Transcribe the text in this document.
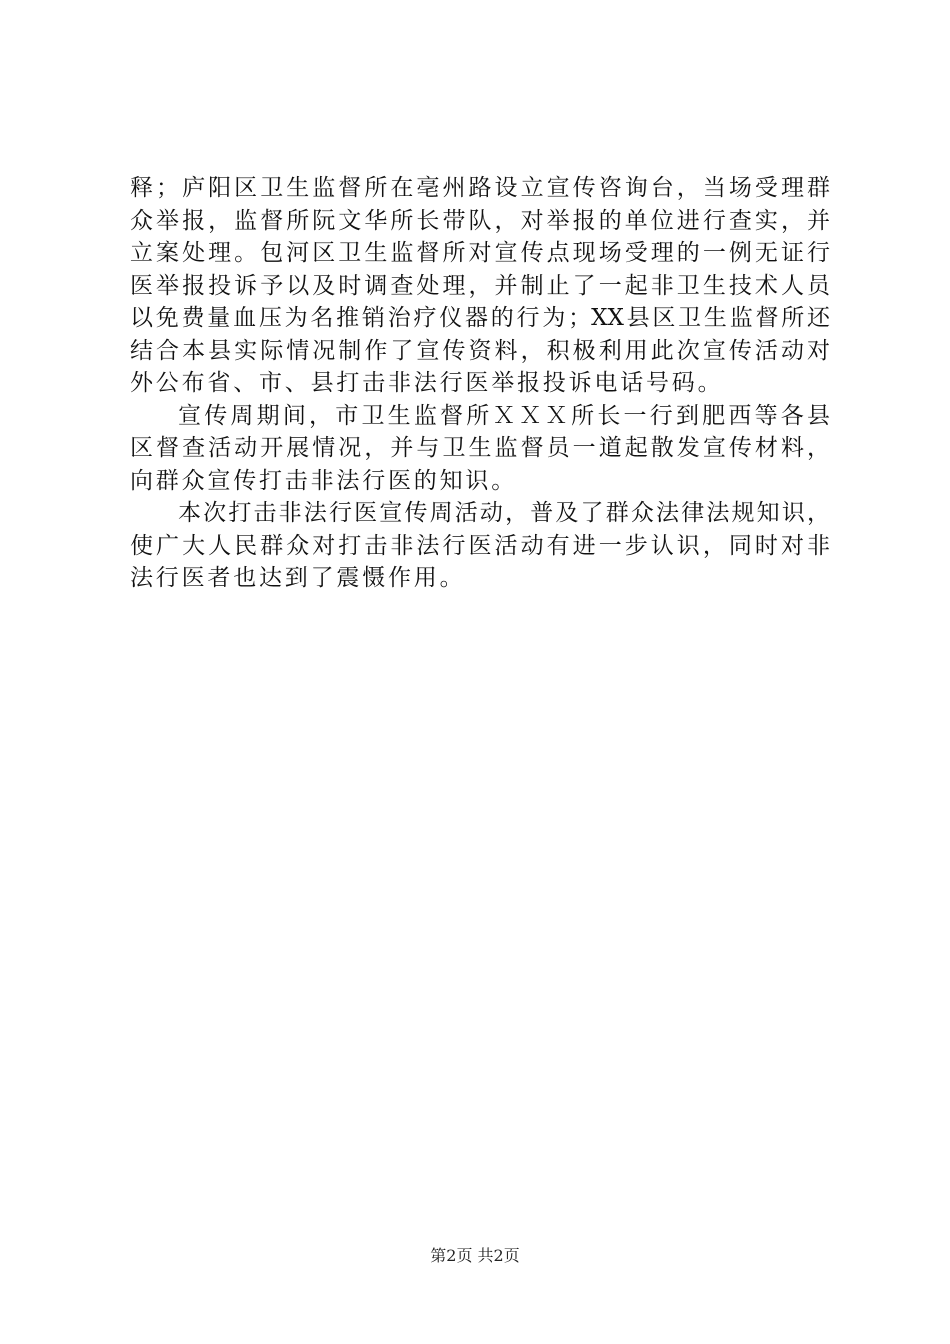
释；庐阳区卫生监督所在亳州路设立宣传咨询台，当场受理群
众举报，监督所阮文华所长带队，对举报的单位进行查实，并
立案处理。包河区卫生监督所对宣传点现场受理的一例无证行
医举报投诉予以及时调查处理，并制止了一起非卫生技术人员
以免费量血压为名推销治疗仪器的行为；XX县区卫生监督所还
结合本县实际情况制作了宣传资料，积极利用此次宣传活动对
外公布省、市、县打击非法行医举报投诉电话号码。
宣传周期间，市卫生监督所ＸＸＸ所长一行到肥西等各县
区督查活动开展情况，并与卫生监督员一道起散发宣传材料，
向群众宣传打击非法行医的知识。
本次打击非法行医宣传周活动，普及了群众法律法规知识，
使广大人民群众对打击非法行医活动有进一步认识，同时对非
法行医者也达到了震慑作用。
第2页 共2页
